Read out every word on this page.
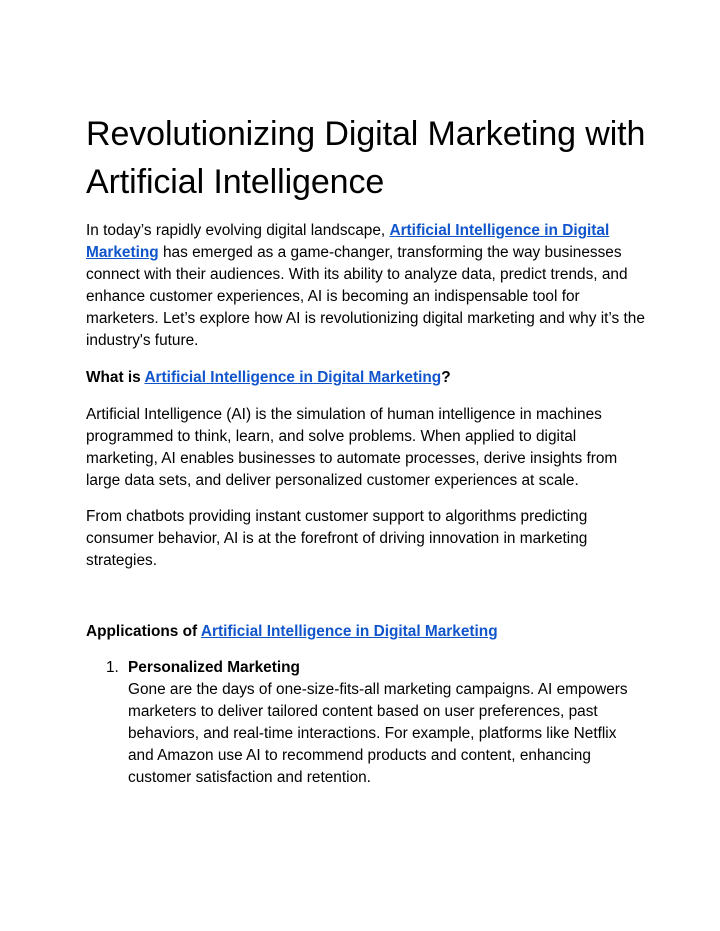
Revolutionizing Digital Marketing with Artificial Intelligence

In today’s rapidly evolving digital landscape, Artificial Intelligence in Digital Marketing has emerged as a game-changer, transforming the way businesses connect with their audiences. With its ability to analyze data, predict trends, and enhance customer experiences, AI is becoming an indispensable tool for marketers. Let’s explore how AI is revolutionizing digital marketing and why it’s the industry's future.

What is Artificial Intelligence in Digital Marketing?

Artificial Intelligence (AI) is the simulation of human intelligence in machines programmed to think, learn, and solve problems. When applied to digital marketing, AI enables businesses to automate processes, derive insights from large data sets, and deliver personalized customer experiences at scale.

From chatbots providing instant customer support to algorithms predicting consumer behavior, AI is at the forefront of driving innovation in marketing strategies.

Applications of Artificial Intelligence in Digital Marketing

1. Personalized Marketing
Gone are the days of one-size-fits-all marketing campaigns. AI empowers marketers to deliver tailored content based on user preferences, past behaviors, and real-time interactions. For example, platforms like Netflix and Amazon use AI to recommend products and content, enhancing customer satisfaction and retention.
